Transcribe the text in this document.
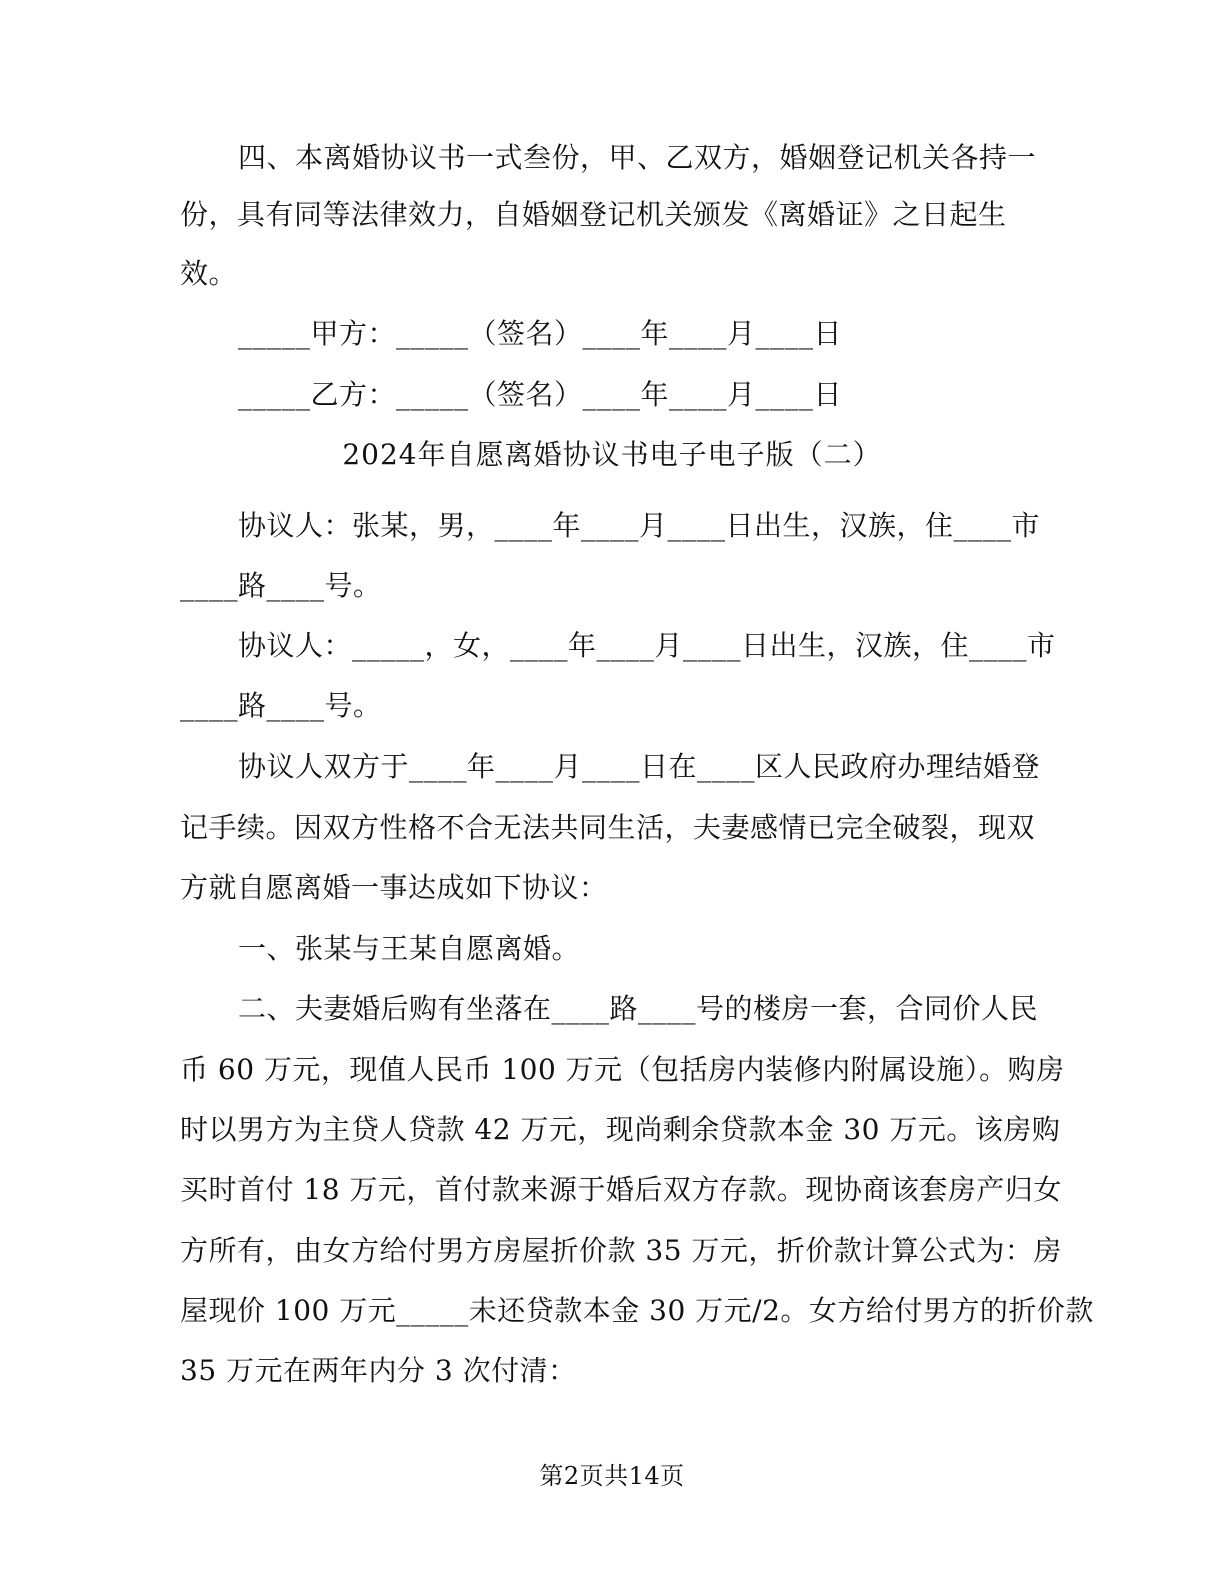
四、本离婚协议书一式叁份，甲、乙双方，婚姻登记机关各持一
份，具有同等法律效力，自婚姻登记机关颁发《离婚证》之日起生
效。
_____甲方：_____（签名）____年____月____日
_____乙方：_____（签名）____年____月____日
2024年自愿离婚协议书电子电子版（二）
协议人：张某，男，____年____月____日出生，汉族，住____市
____路____号。
协议人：_____，女，____年____月____日出生，汉族，住____市
____路____号。
协议人双方于____年____月____日在____区人民政府办理结婚登
记手续。因双方性格不合无法共同生活，夫妻感情已完全破裂，现双
方就自愿离婚一事达成如下协议：
一、张某与王某自愿离婚。
二、夫妻婚后购有坐落在____路____号的楼房一套，合同价人民
币 60 万元，现值人民币 100 万元（包括房内装修内附属设施）。购房
时以男方为主贷人贷款 42 万元，现尚剩余贷款本金 30 万元。该房购
买时首付 18 万元，首付款来源于婚后双方存款。现协商该套房产归女
方所有，由女方给付男方房屋折价款 35 万元，折价款计算公式为：房
屋现价 100 万元_____未还贷款本金 30 万元/2。女方给付男方的折价款
35 万元在两年内分 3 次付清：
第2页共14页
